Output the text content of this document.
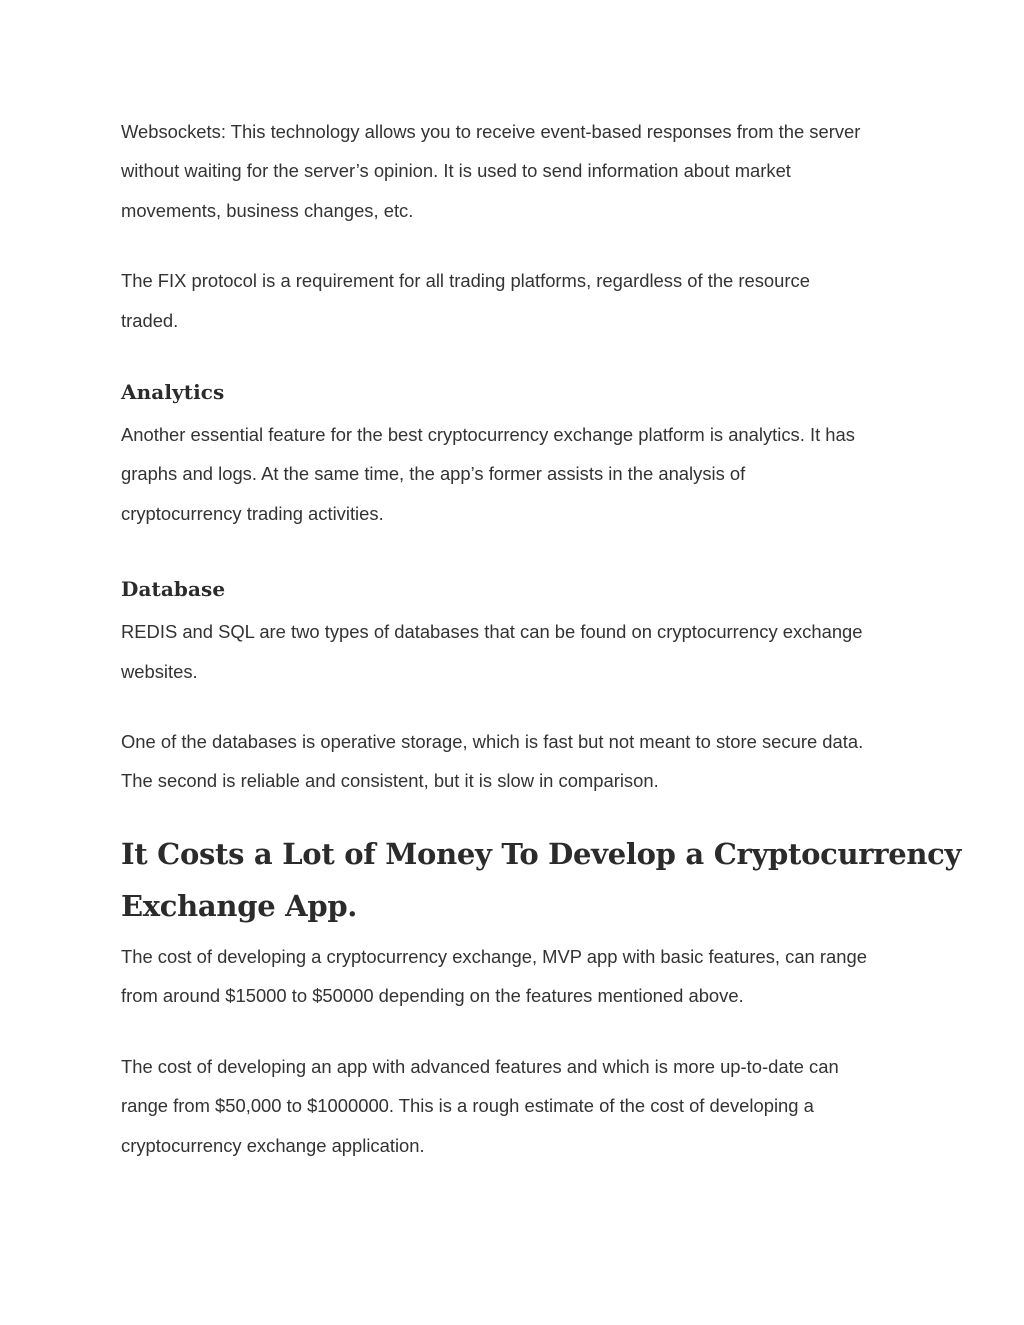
Websockets: This technology allows you to receive event-based responses from the server
without waiting for the server’s opinion. It is used to send information about market
movements, business changes, etc.

The FIX protocol is a requirement for all trading platforms, regardless of the resource
traded.

Analytics

Another essential feature for the best cryptocurrency exchange platform is analytics. It has
graphs and logs. At the same time, the app’s former assists in the analysis of
cryptocurrency trading activities.

Database

REDIS and SQL are two types of databases that can be found on cryptocurrency exchange
websites.

One of the databases is operative storage, which is fast but not meant to store secure data.
The second is reliable and consistent, but it is slow in comparison.

It Costs a Lot of Money To Develop a Cryptocurrency
Exchange App.

The cost of developing a cryptocurrency exchange, MVP app with basic features, can range
from around $15000 to $50000 depending on the features mentioned above.

The cost of developing an app with advanced features and which is more up-to-date can
range from $50,000 to $1000000. This is a rough estimate of the cost of developing a
cryptocurrency exchange application.
